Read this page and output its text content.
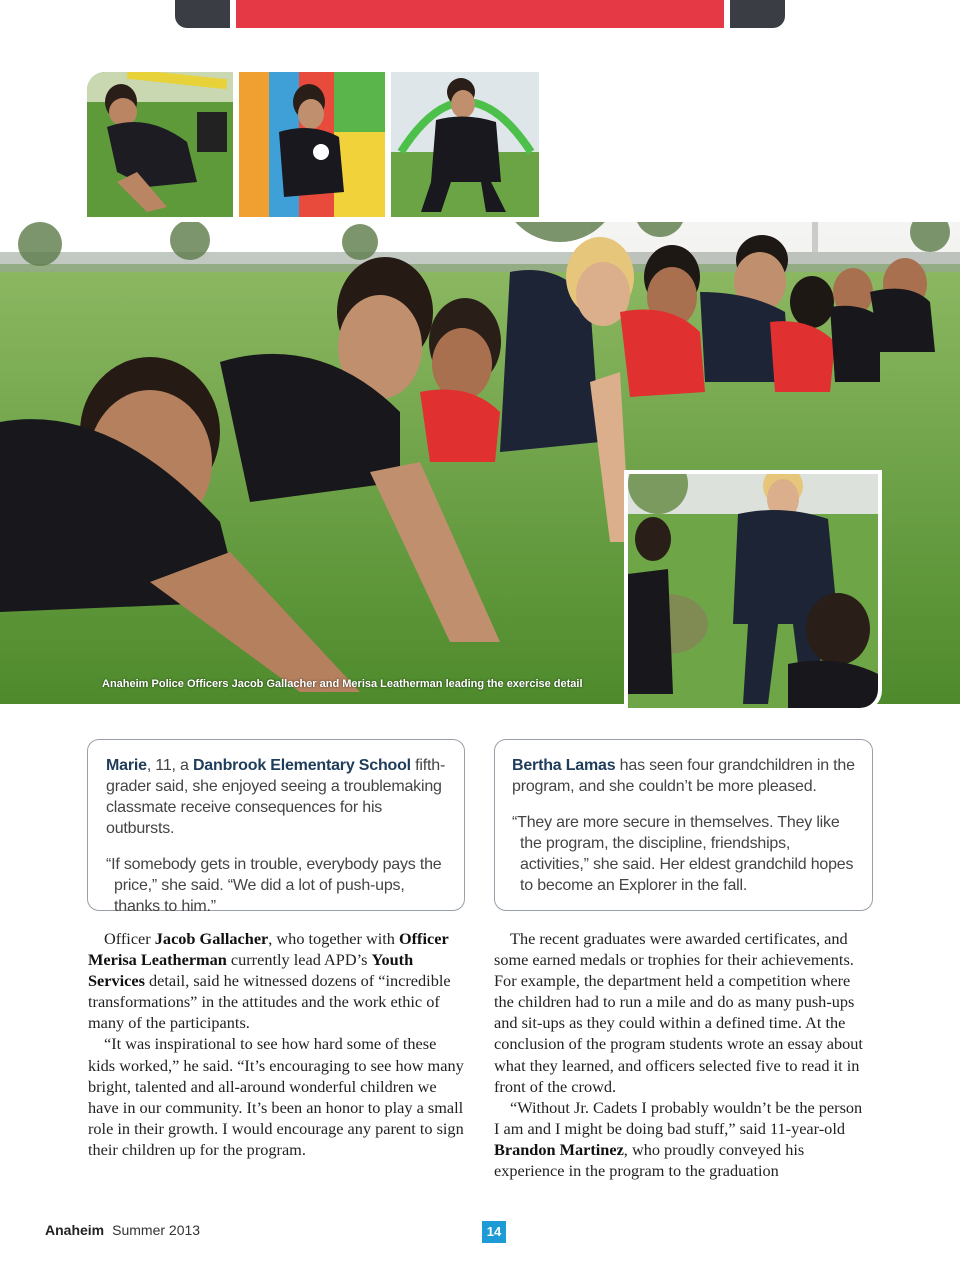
Anaheim Police Officers Jacob Gallacher and Merisa Leatherman leading the exercise detail

Marie, 11, a Danbrook Elementary School fifth-grader said, she enjoyed seeing a troublemaking classmate receive consequences for his outbursts.

“If somebody gets in trouble, everybody pays the price,” she said. “We did a lot of push-ups, thanks to him.”

Bertha Lamas has seen four grandchildren in the program, and she couldn’t be more pleased.

“They are more secure in themselves. They like the program, the discipline, friendships, activities,” she said. Her eldest grandchild hopes to become an Explorer in the fall.

Officer Jacob Gallacher, who together with Officer Merisa Leatherman currently lead APD’s Youth Services detail, said he witnessed dozens of “incredible transformations” in the attitudes and the work ethic of many of the participants.

“It was inspirational to see how hard some of these kids worked,” he said. “It’s encouraging to see how many bright, talented and all-around wonderful children we have in our community. It’s been an honor to play a small role in their growth. I would encourage any parent to sign their children up for the program.

The recent graduates were awarded certificates, and some earned medals or trophies for their achievements. For example, the department held a competition where the children had to run a mile and do as many push-ups and sit-ups as they could within a defined time. At the conclusion of the program students wrote an essay about what they learned, and officers selected five to read it in front of the crowd.

“Without Jr. Cadets I probably wouldn’t be the person I am and I might be doing bad stuff,” said 11-year-old Brandon Martinez, who proudly conveyed his experience in the program to the graduation

Anaheim Summer 2013	14
